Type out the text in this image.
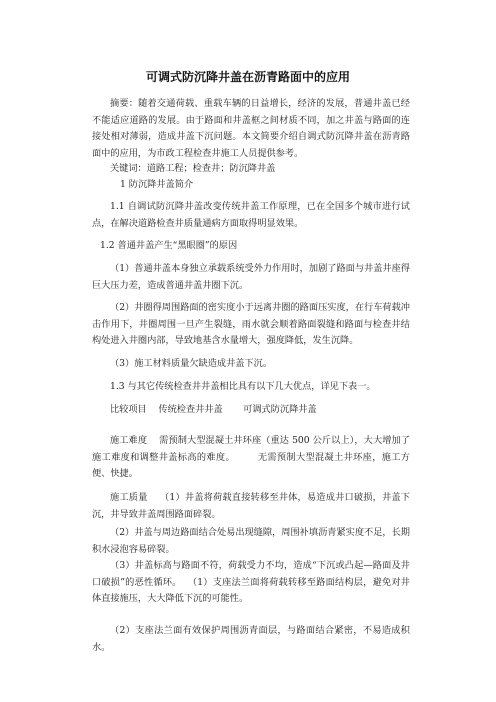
可调式防沉降井盖在沥青路面中的应用

摘要：随着交通荷载、重载车辆的日益增长，经济的发展，普通井盖已经不能适应道路的发展。由于路面和井盖框之间材质不同，加之井盖与路面的连接处相对薄弱，造成井盖下沉问题。本文简要介绍自调式防沉降井盖在沥青路面中的应用，为市政工程检查井施工人员提供参考。

关键词：道路工程；检查井；防沉降井盖

1 防沉降井盖简介

1.1 自调试防沉降井盖改变传统井盖工作原理，已在全国多个城市进行试点，在解决道路检查井质量通病方面取得明显效果。

1.2 普通井盖产生“黑眼圈”的原因

（1）普通井盖本身独立承载系统受外力作用时，加剧了路面与井盖井座得巨大压力差，造成普通井盖井圈下沉。

（2）井圈得周围路面的密实度小于远离井圈的路面压实度，在行车荷载冲击作用下，井圈周围一旦产生裂缝，雨水就会顺着路面裂缝和路面与检查井结构处进入井圈内部，导致地基含水量增大，强度降低，发生沉降。

（3）施工材料质量欠缺造成井盖下沉。

1.3 与其它传统检查井井盖相比具有以下几大优点，详见下表一。

比较项目    传统检查井井盖       可调式防沉降井盖

施工难度    需预制大型混凝土井环座（重达 500 公斤以上），大大增加了施工难度和调整井盖标高的难度。       无需预制大型混凝土井环座，施工方便、快捷。

施工质量    （1）井盖将荷载直接转移至井体，易造成井口破损，井盖下沉，井导致井盖周围路面碎裂。

（2）井盖与周边路面结合处易出现缝隙，周围补填沥青紧实度不足，长期积水浸泡容易碎裂。

（3）井盖标高与路面不符，荷载受力不均，造成“下沉或凸起—路面及井口破损”的恶性循环。  （1）支座法兰面将荷载转移至路面结构层，避免对井体直接施压，大大降低下沉的可能性。

（2）支座法兰面有效保护周围沥青面层，与路面结合紧密，不易造成积水。
